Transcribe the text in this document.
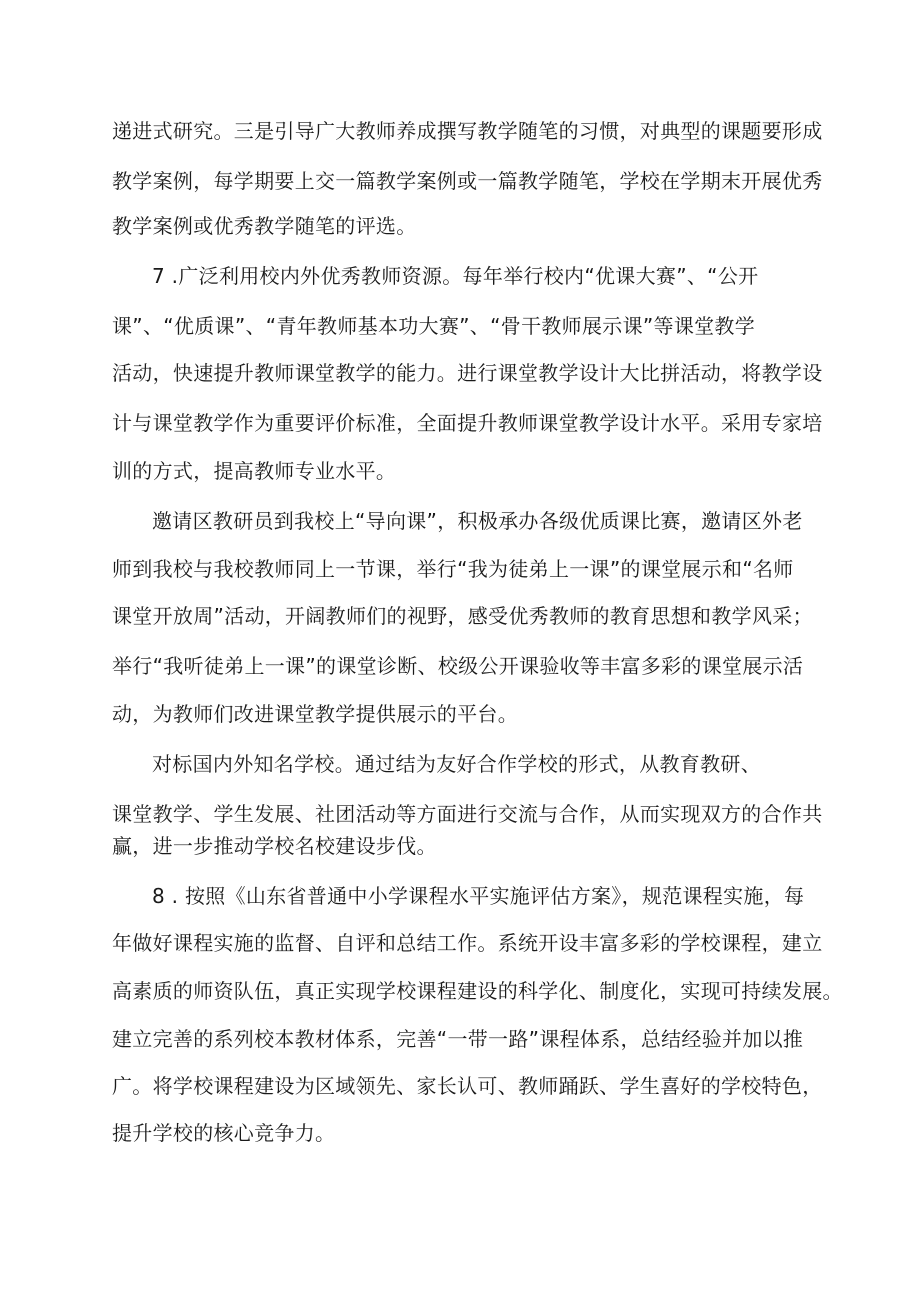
递进式研究。三是引导广大教师养成撰写教学随笔的习惯，对典型的课题要形成

教学案例，每学期要上交一篇教学案例或一篇教学随笔，学校在学期末开展优秀

教学案例或优秀教学随笔的评选。

7 .广泛利用校内外优秀教师资源。每年举行校内“优课大赛”、“公开

课”、“优质课”、“青年教师基本功大赛”、“骨干教师展示课”等课堂教学

活动，快速提升教师课堂教学的能力。进行课堂教学设计大比拼活动，将教学设

计与课堂教学作为重要评价标准，全面提升教师课堂教学设计水平。采用专家培

训的方式，提高教师专业水平。

邀请区教研员到我校上“导向课”，积极承办各级优质课比赛，邀请区外老

师到我校与我校教师同上一节课，举行“我为徒弟上一课”的课堂展示和“名师

课堂开放周”活动，开阔教师们的视野，感受优秀教师的教育思想和教学风采；

举行“我听徒弟上一课”的课堂诊断、校级公开课验收等丰富多彩的课堂展示活

动，为教师们改进课堂教学提供展示的平台。

对标国内外知名学校。通过结为友好合作学校的形式，从教育教研、

课堂教学、学生发展、社团活动等方面进行交流与合作，从而实现双方的合作共

赢，进一步推动学校名校建设步伐。

8 . 按照《山东省普通中小学课程水平实施评估方案》，规范课程实施，每

年做好课程实施的监督、自评和总结工作。系统开设丰富多彩的学校课程，建立

高素质的师资队伍，真正实现学校课程建设的科学化、制度化，实现可持续发展。

建立完善的系列校本教材体系，完善“一带一路”课程体系，总结经验并加以推

广。将学校课程建设为区域领先、家长认可、教师踊跃、学生喜好的学校特色，

提升学校的核心竞争力。
